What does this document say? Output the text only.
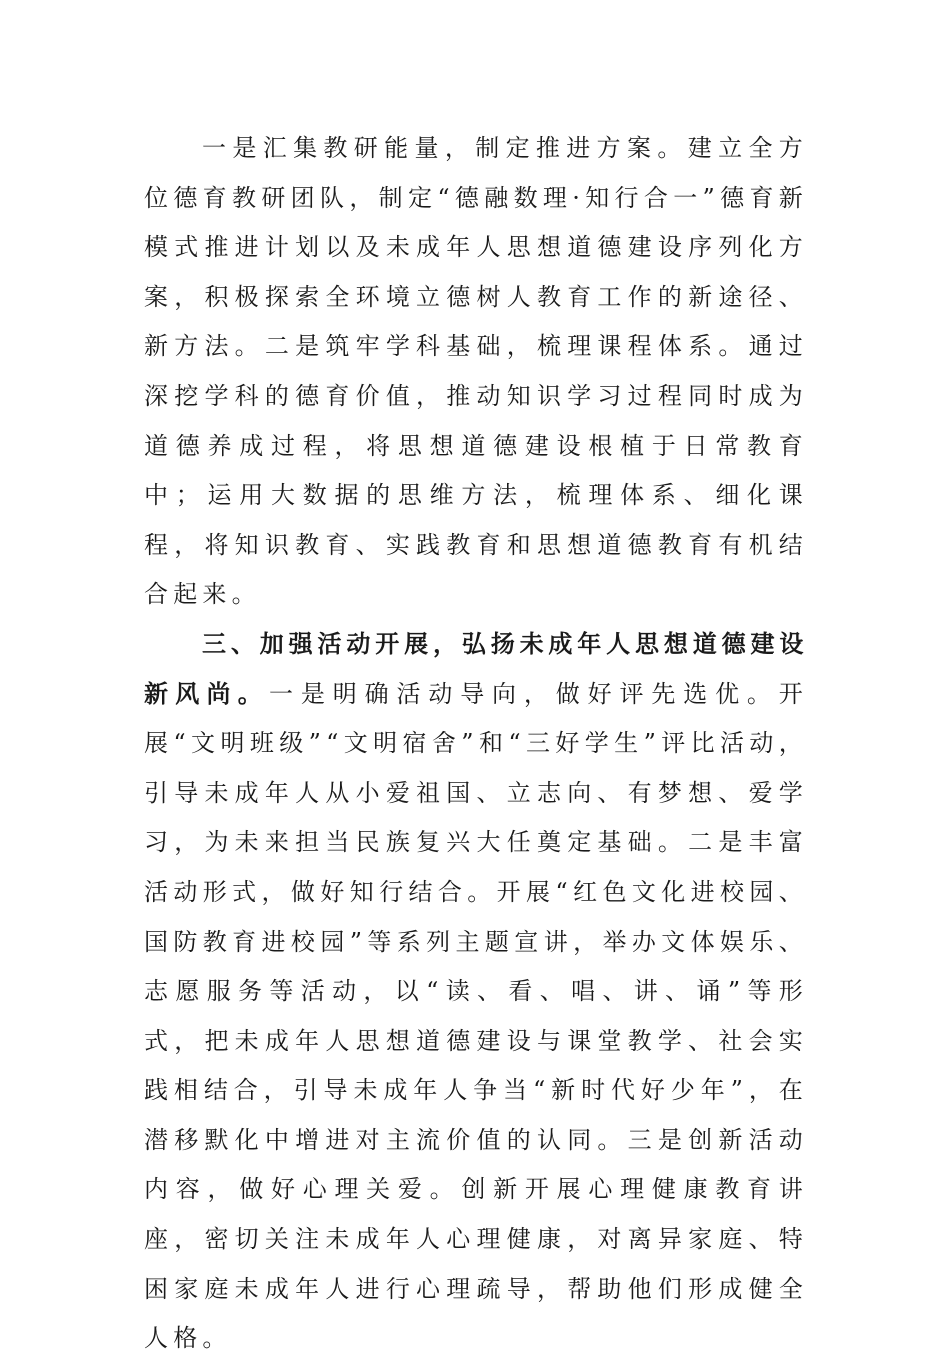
一是汇集教研能量，制定推进方案。建立全方位德育教研团队，制定“德融数理·知行合一”德育新模式推进计划以及未成年人思想道德建设序列化方案，积极探索全环境立德树人教育工作的新途径、新方法。二是筑牢学科基础，梳理课程体系。通过深挖学科的德育价值，推动知识学习过程同时成为道德养成过程，将思想道德建设根植于日常教育中；运用大数据的思维方法，梳理体系、细化课程，将知识教育、实践教育和思想道德教育有机结合起来。

三、加强活动开展，弘扬未成年人思想道德建设新风尚。一是明确活动导向，做好评先选优。开展“文明班级”“文明宿舍”和“三好学生”评比活动，引导未成年人从小爱祖国、立志向、有梦想、爱学习，为未来担当民族复兴大任奠定基础。二是丰富活动形式，做好知行结合。开展“红色文化进校园、国防教育进校园”等系列主题宣讲，举办文体娱乐、志愿服务等活动，以“读、看、唱、讲、诵”等形式，把未成年人思想道德建设与课堂教学、社会实践相结合，引导未成年人争当“新时代好少年”，在潜移默化中增进对主流价值的认同。三是创新活动内容，做好心理关爱。创新开展心理健康教育讲座，密切关注未成年人心理健康，对离异家庭、特困家庭未成年人进行心理疏导，帮助他们形成健全人格。
